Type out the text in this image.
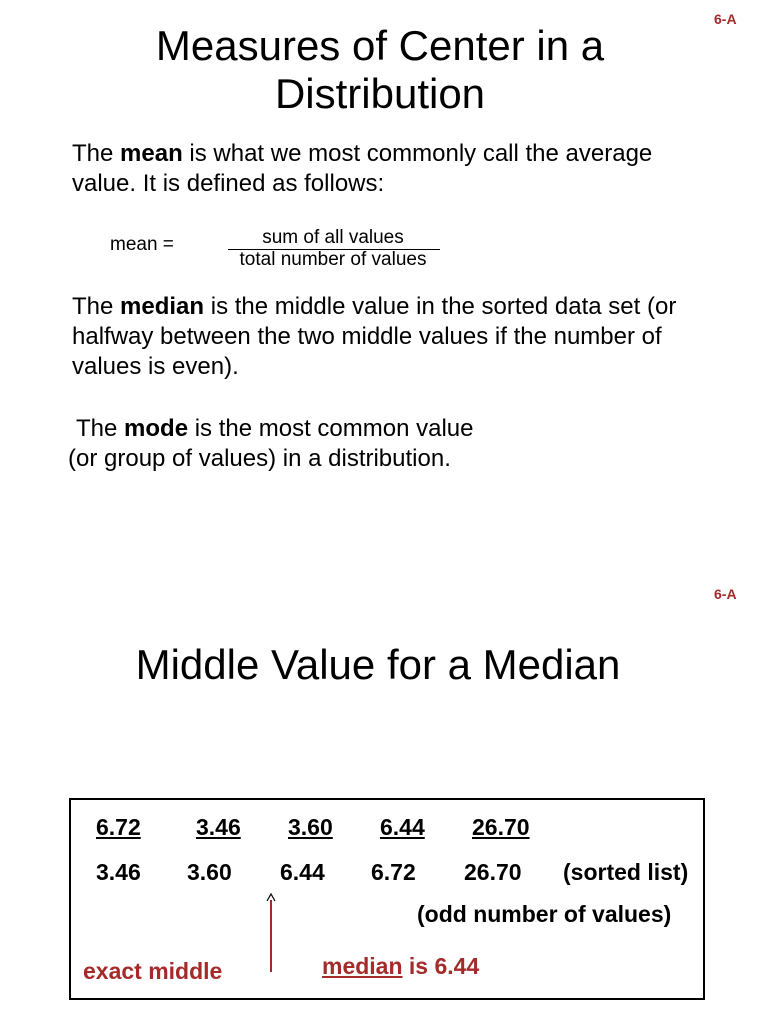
6-A
Measures of Center in a
Distribution
The mean is what we most commonly call the average
value. It is defined as follows:
mean =	sum of all values
total number of values
The median is the middle value in the sorted data set (or
halfway between the two middle values if the number of
values is even).
The mode is the most common value
(or group of values) in a distribution.
6-A
Middle Value for a Median
6.72 3.46 3.60 6.44 26.70
3.46 3.60 6.44 6.72 26.70 (sorted list)
(odd number of values)
exact middle	median is 6.44
